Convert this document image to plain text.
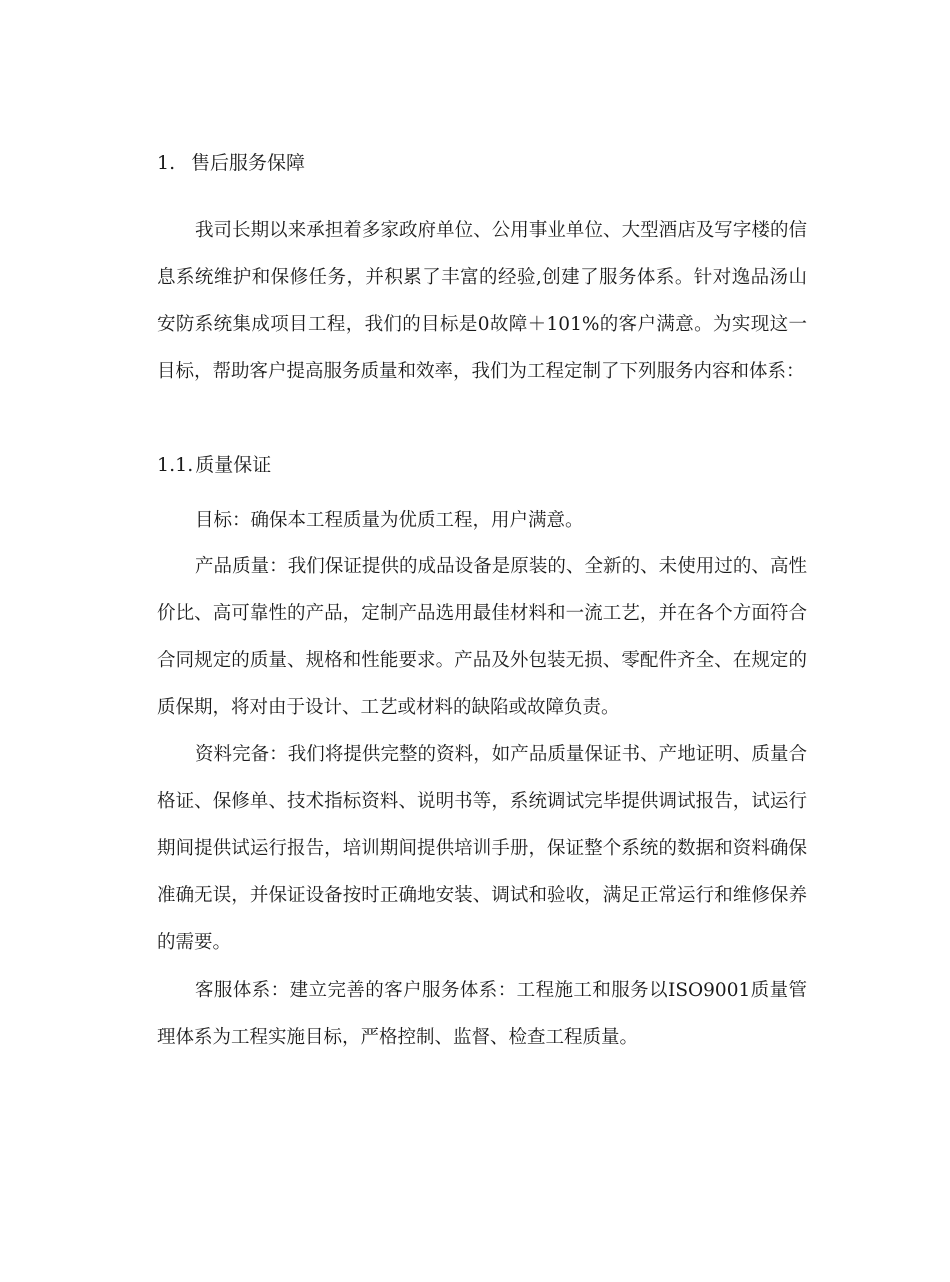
1. 售后服务保障

我司长期以来承担着多家政府单位、公用事业单位、大型酒店及写字楼的信息系统维护和保修任务，并积累了丰富的经验,创建了服务体系。针对逸品汤山安防系统集成项目工程，我们的目标是0故障＋101%的客户满意。为实现这一目标，帮助客户提高服务质量和效率，我们为工程定制了下列服务内容和体系：

1.1. 质量保证

目标：确保本工程质量为优质工程，用户满意。

产品质量：我们保证提供的成品设备是原装的、全新的、未使用过的、高性价比、高可靠性的产品，定制产品选用最佳材料和一流工艺，并在各个方面符合合同规定的质量、规格和性能要求。产品及外包装无损、零配件齐全、在规定的质保期，将对由于设计、工艺或材料的缺陷或故障负责。

资料完备：我们将提供完整的资料，如产品质量保证书、产地证明、质量合格证、保修单、技术指标资料、说明书等，系统调试完毕提供调试报告，试运行期间提供试运行报告，培训期间提供培训手册，保证整个系统的数据和资料确保准确无误，并保证设备按时正确地安装、调试和验收，满足正常运行和维修保养的需要。

客服体系：建立完善的客户服务体系：工程施工和服务以ISO9001质量管理体系为工程实施目标，严格控制、监督、检查工程质量。
